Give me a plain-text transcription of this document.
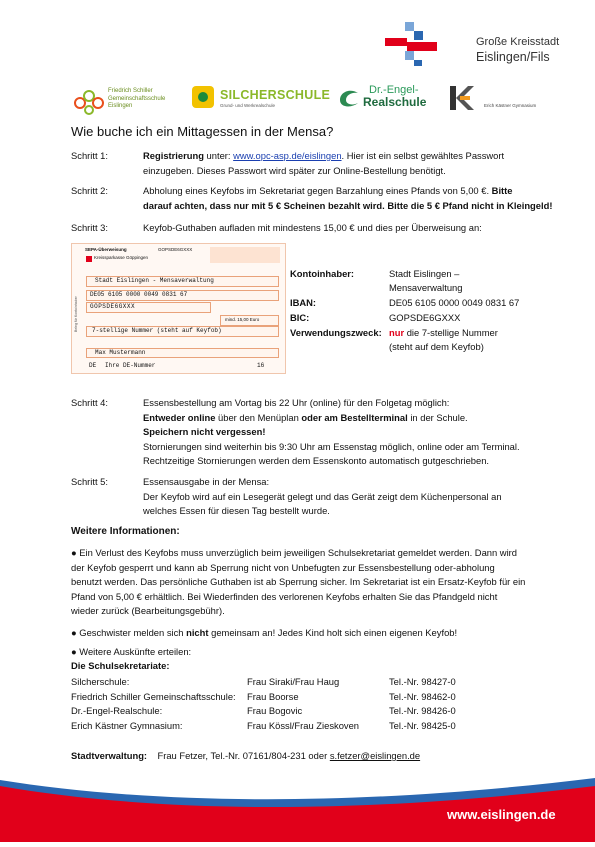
Große Kreisstadt
Eislingen/Fils
Friedrich Schiller
Gemeinschaftsschule
Eislingen
SILCHERSCHULE
Grund- und Werkrealschule
Dr.-Engel-
Realschule	Erich Kästner Gymnasium
Wie buche ich ein Mittagessen in der Mensa?
Schritt 1:	Registrierung unter: www.opc-asp.de/eislingen. Hier ist ein selbst gewähltes Passwort
einzugeben. Dieses Passwort wird später zur Online-Bestellung benötigt.
Schritt 2:	Abholung eines Keyfobs im Sekretariat gegen Barzahlung eines Pfands von 5,00 €. Bitte
darauf achten, dass nur mit 5 € Scheinen bezahlt wird. Bitte die 5 € Pfand nicht in Kleingeld!
Schritt 3:	Keyfob-Guthaben aufladen mit mindestens 15,00 € und dies per Überweisung an:
SEPA-Überweisung	GOPSDE6GXXX
Kreissparkasse Göppingen
Beleg für Kontoinhaber
Stadt Eislingen - Mensaverwaltung
DE05 6105 0000 0049 0831 67
GOPSDE6GXXX
mind. 15,00 Euro
7-stellige Nummer (steht auf Keyfob)
Max Mustermann
DE Ihre DE-Nummer	16
Kontoinhaber:	Stadt Eislingen –
Mensaverwaltung
IBAN:	DE05 6105 0000 0049 0831 67
BIC:	GOPSDE6GXXX
Verwendungszweck: nur die 7-stellige Nummer
(steht auf dem Keyfob)
Schritt 4:	Essensbestellung am Vortag bis 22 Uhr (online) für den Folgetag möglich:
Entweder online über den Menüplan oder am Bestellterminal in der Schule.
Speichern nicht vergessen!
Stornierungen sind weiterhin bis 9:30 Uhr am Essenstag möglich, online oder am Terminal.
Rechtzeitige Stornierungen werden dem Essenskonto automatisch gutgeschrieben.
Schritt 5:	Essensausgabe in der Mensa:
Der Keyfob wird auf ein Lesegerät gelegt und das Gerät zeigt dem Küchenpersonal an
welches Essen für diesen Tag bestellt wurde.
Weitere Informationen:
● Ein Verlust des Keyfobs muss unverzüglich beim jeweiligen Schulsekretariat gemeldet werden. Dann wird
der Keyfob gesperrt und kann ab Sperrung nicht von Unbefugten zur Essensbestellung oder-abholung
benutzt werden. Das persönliche Guthaben ist ab Sperrung sicher. Im Sekretariat ist ein Ersatz-Keyfob für ein
Pfand von 5,00 € erhältlich. Bei Wiederfinden des verlorenen Keyfobs erhalten Sie das Pfandgeld nicht
wieder zurück (Bearbeitungsgebühr).
● Geschwister melden sich nicht gemeinsam an! Jedes Kind holt sich einen eigenen Keyfob!
● Weitere Auskünfte erteilen:
Die Schulsekretariate:
Silcherschule:	Frau Siraki/Frau Haug	Tel.-Nr. 98427-0
Friedrich Schiller Gemeinschaftsschule: Frau Boorse	Tel.-Nr. 98462-0
Dr.-Engel-Realschule:	Frau Bogovic	Tel.-Nr. 98426-0
Erich Kästner Gymnasium:	Frau Kössl/Frau Zieskoven	Tel.-Nr. 98425-0
Stadtverwaltung: Frau Fetzer, Tel.-Nr. 07161/804-231 oder s.fetzer@eislingen.de
www.eislingen.de
